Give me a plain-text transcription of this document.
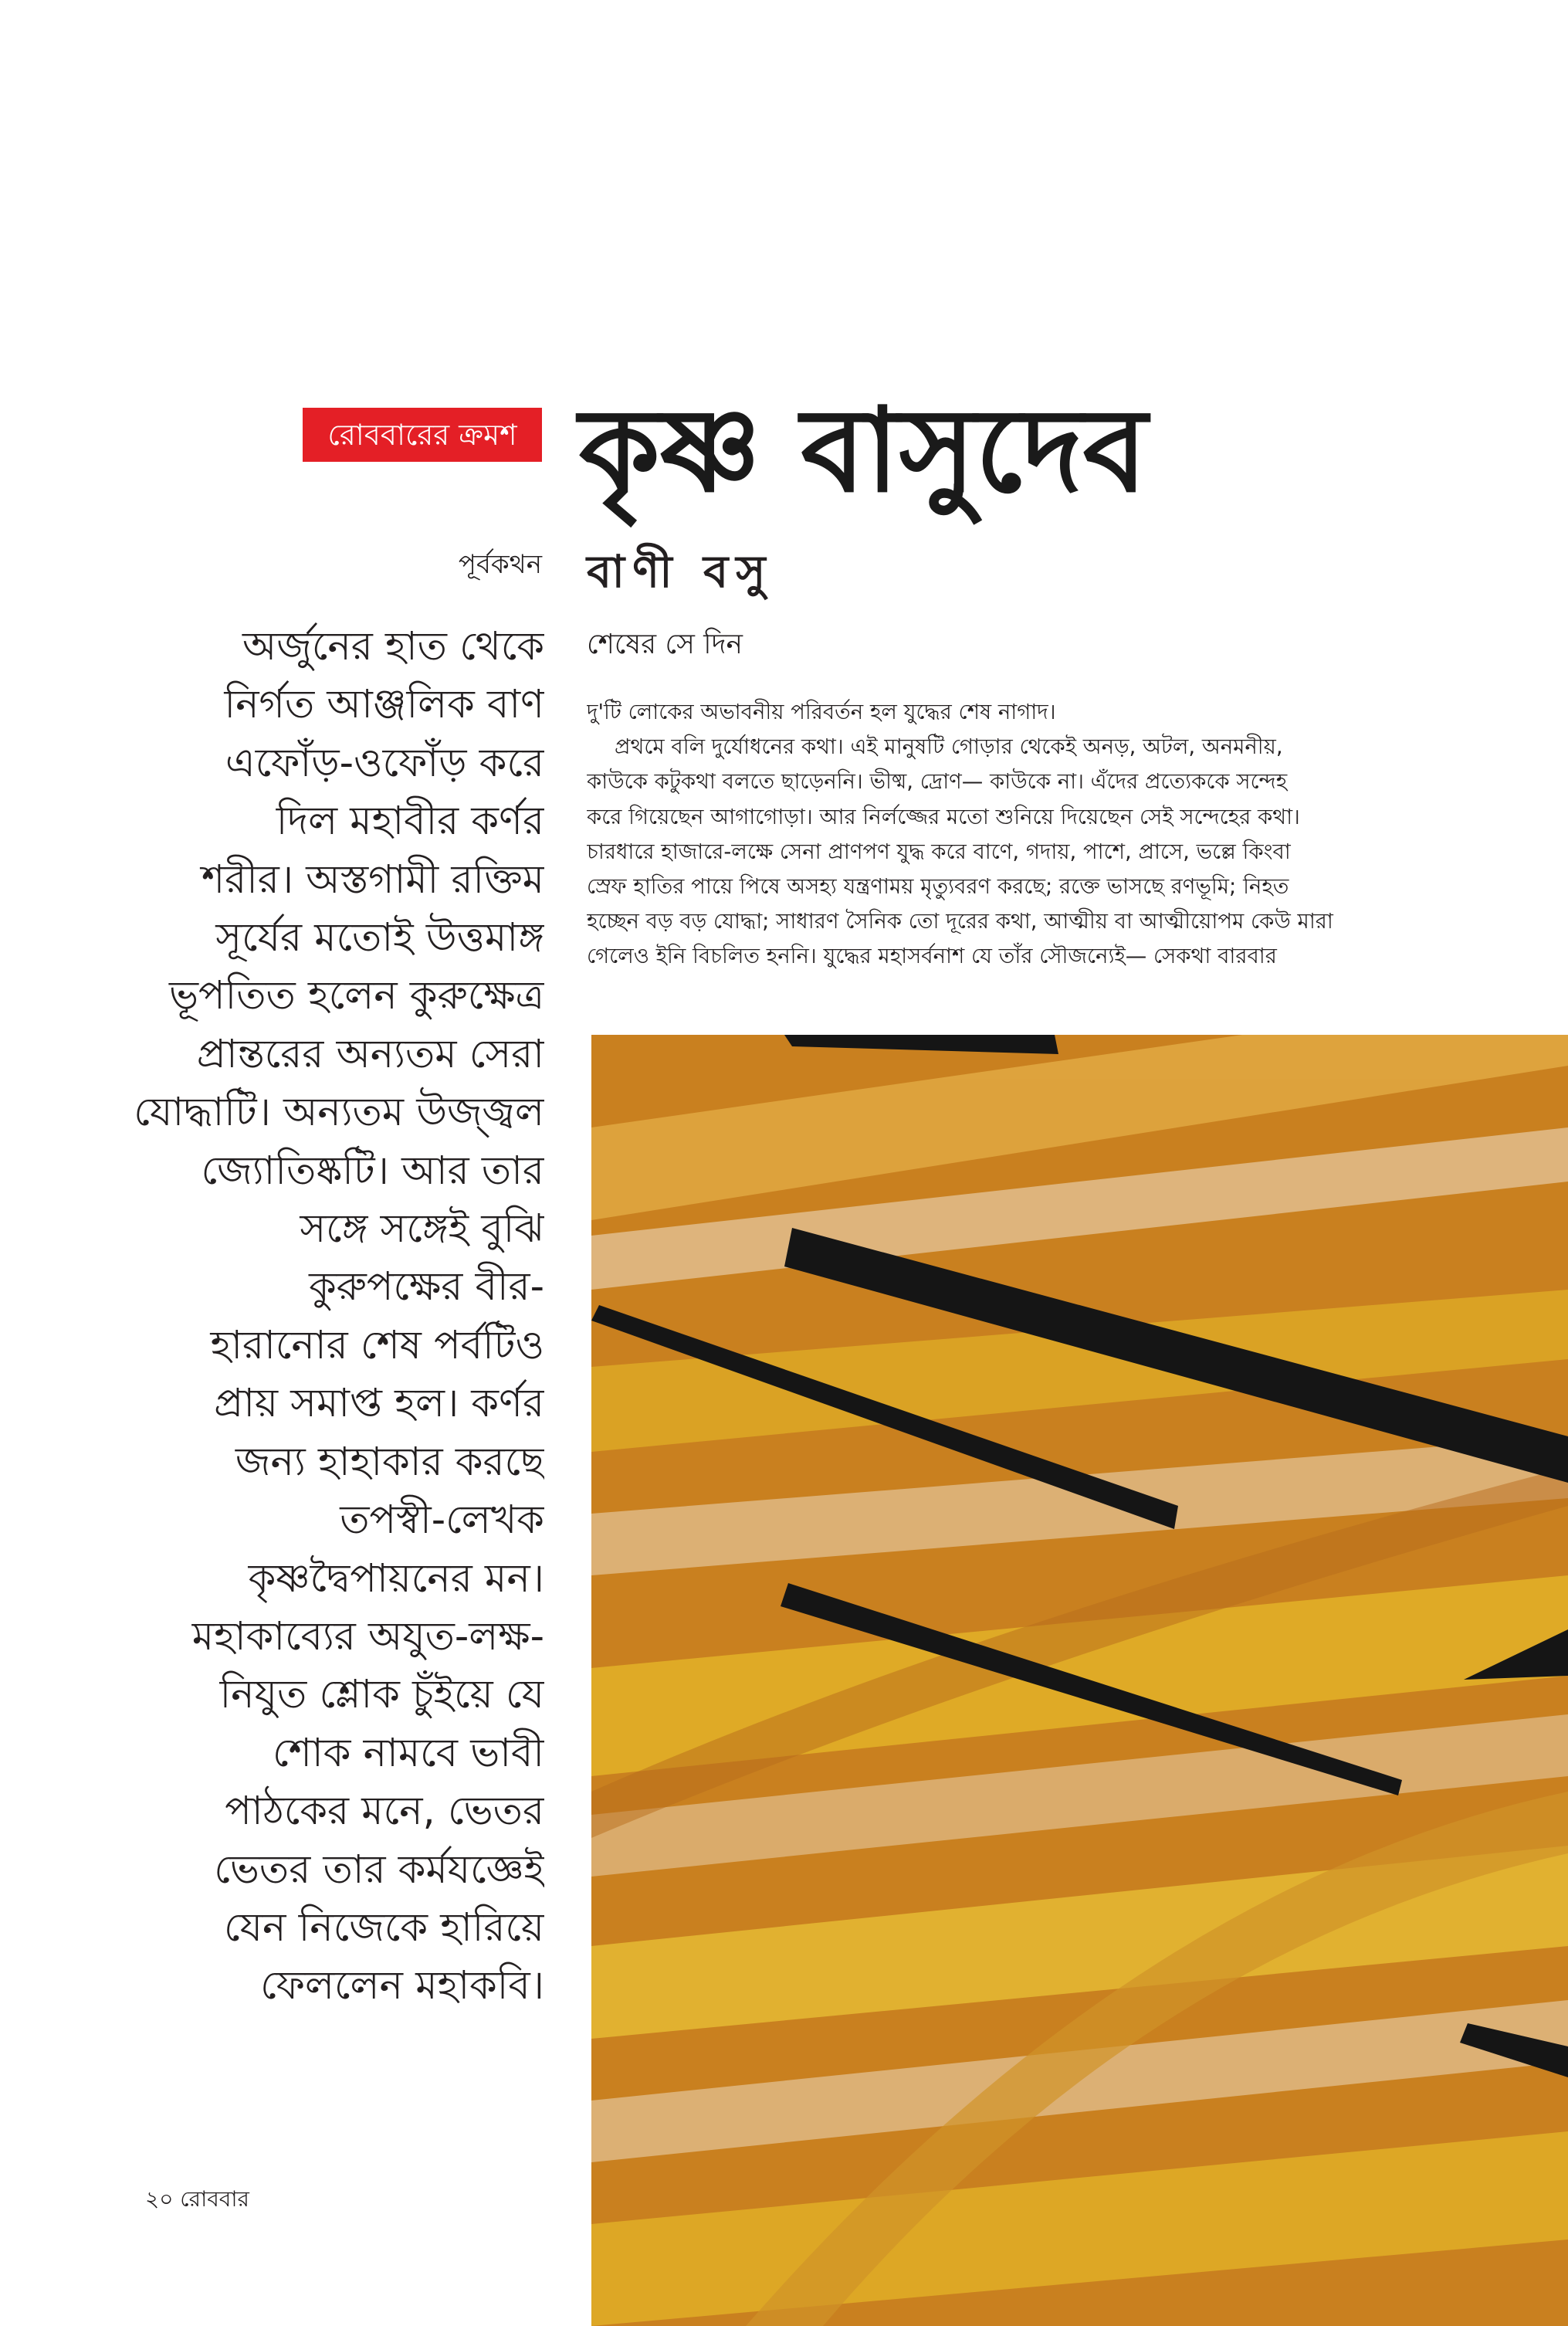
রোববারের ক্রমশ কৃষ্ণ বাসুদেব
পূর্বকথন বাণী বসু
শেষের সে দিন
অর্জুনের হাত থেকে
নির্গত আঞ্জলিক বাণ
এফোঁড়-ওফোঁড় করে
দিল মহাবীর কর্ণর
শরীর। অস্তগামী রক্তিম
সূর্যের মতোই উত্তমাঙ্গ
ভূপতিত হলেন কুরুক্ষেত্র
প্রান্তরের অন্যতম সেরা
যোদ্ধাটি। অন্যতম উজ্জ্বল
জ্যোতিষ্কটি। আর তার
সঙ্গে সঙ্গেই বুঝি
কুরুপক্ষের বীর-
হারানোর শেষ পর্বটিও
প্রায় সমাপ্ত হল। কর্ণর
জন্য হাহাকার করছে
তপস্বী-লেখক
কৃষ্ণদ্বৈপায়নের মন।
মহাকাব্যের অযুত-লক্ষ-
নিযুত শ্লোক চুঁইয়ে যে
শোক নামবে ভাবী
পাঠকের মনে, ভেতর
ভেতর তার কর্মযজ্ঞেই
যেন নিজেকে হারিয়ে
ফেললেন মহাকবি।
দু'টি লোকের অভাবনীয় পরিবর্তন হল যুদ্ধের শেষ নাগাদ।
প্রথমে বলি দুর্যোধনের কথা। এই মানুষটি গোড়ার থেকেই অনড়, অটল, অনমনীয়,
কাউকে কটুকথা বলতে ছাড়েননি। ভীষ্ম, দ্রোণ— কাউকে না। এঁদের প্রত্যেককে সন্দেহ
করে গিয়েছেন আগাগোড়া। আর নির্লজ্জের মতো শুনিয়ে দিয়েছেন সেই সন্দেহের কথা।
চারধারে হাজারে-লক্ষে সেনা প্রাণপণ যুদ্ধ করে বাণে, গদায়, পাশে, প্রাসে, ভল্লে কিংবা
স্রেফ হাতির পায়ে পিষে অসহ্য যন্ত্রণাময় মৃত্যুবরণ করছে; রক্তে ভাসছে রণভূমি; নিহত
হচ্ছেন বড় বড় যোদ্ধা; সাধারণ সৈনিক তো দূরের কথা, আত্মীয় বা আত্মীয়োপম কেউ মারা
গেলেও ইনি বিচলিত হননি। যুদ্ধের মহাসর্বনাশ যে তাঁর সৌজন্যেই— সেকথা বারবার
২০ রোববার
